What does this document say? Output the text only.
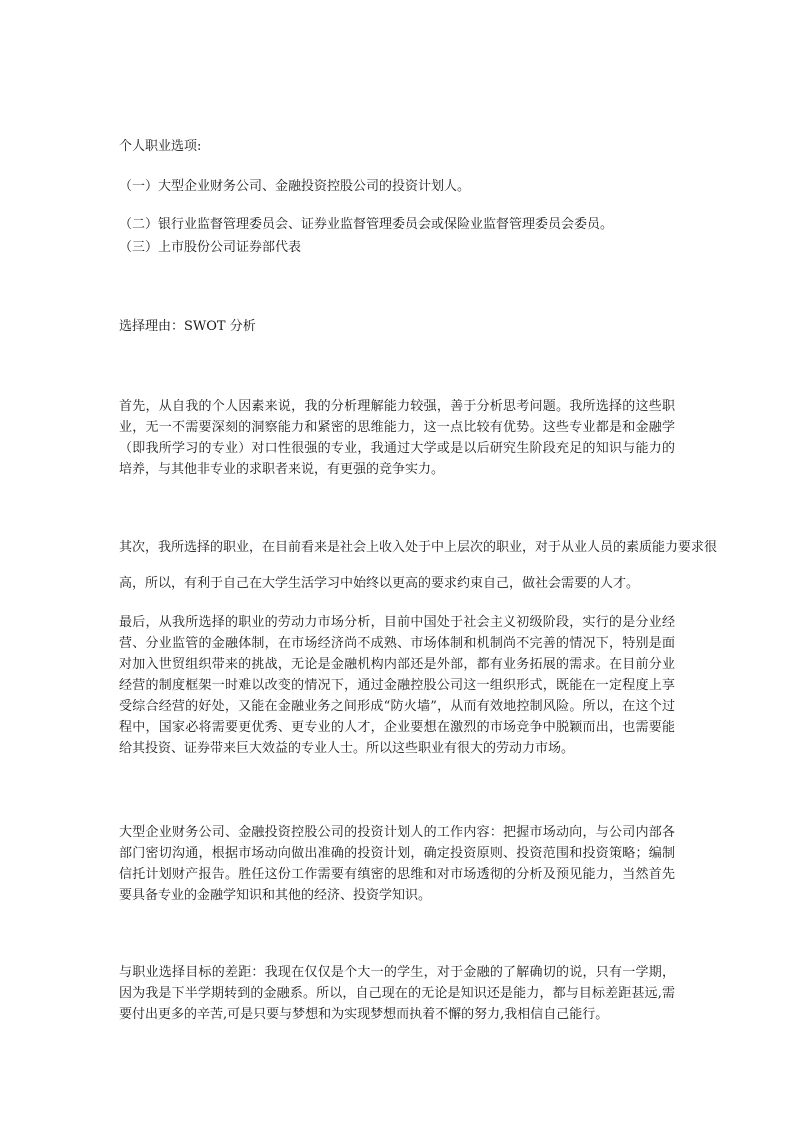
个人职业选项:

（一）大型企业财务公司、金融投资控股公司的投资计划人。

（二）银行业监督管理委员会、证券业监督管理委员会或保险业监督管理委员会委员。

（三）上市股份公司证券部代表

选择理由：SWOT 分析

首先，从自我的个人因素来说，我的分析理解能力较强，善于分析思考问题。我所选择的这些职业，无一不需要深刻的洞察能力和紧密的思维能力，这一点比较有优势。这些专业都是和金融学（即我所学习的专业）对口性很强的专业，我通过大学或是以后研究生阶段充足的知识与能力的培养，与其他非专业的求职者来说，有更强的竞争实力。

其次，我所选择的职业，在目前看来是社会上收入处于中上层次的职业，对于从业人员的素质能力要求很

高，所以，有利于自己在大学生活学习中始终以更高的要求约束自己，做社会需要的人才。

最后，从我所选择的职业的劳动力市场分析，目前中国处于社会主义初级阶段，实行的是分业经营、分业监管的金融体制，在市场经济尚不成熟、市场体制和机制尚不完善的情况下，特别是面对加入世贸组织带来的挑战，无论是金融机构内部还是外部，都有业务拓展的需求。在目前分业经营的制度框架一时难以改变的情况下，通过金融控股公司这一组织形式，既能在一定程度上享受综合经营的好处，又能在金融业务之间形成“防火墙”，从而有效地控制风险。所以，在这个过程中，国家必将需要更优秀、更专业的人才，企业要想在激烈的市场竞争中脱颖而出，也需要能给其投资、证券带来巨大效益的专业人士。所以这些职业有很大的劳动力市场。

大型企业财务公司、金融投资控股公司的投资计划人的工作内容：把握市场动向，与公司内部各部门密切沟通，根据市场动向做出准确的投资计划，确定投资原则、投资范围和投资策略；编制信托计划财产报告。胜任这份工作需要有缜密的思维和对市场透彻的分析及预见能力，当然首先要具备专业的金融学知识和其他的经济、投资学知识。

与职业选择目标的差距：我现在仅仅是个大一的学生，对于金融的了解确切的说，只有一学期，因为我是下半学期转到的金融系。所以，自己现在的无论是知识还是能力，都与目标差距甚远,需要付出更多的辛苦,可是只要与梦想和为实现梦想而执着不懈的努力,我相信自己能行。
